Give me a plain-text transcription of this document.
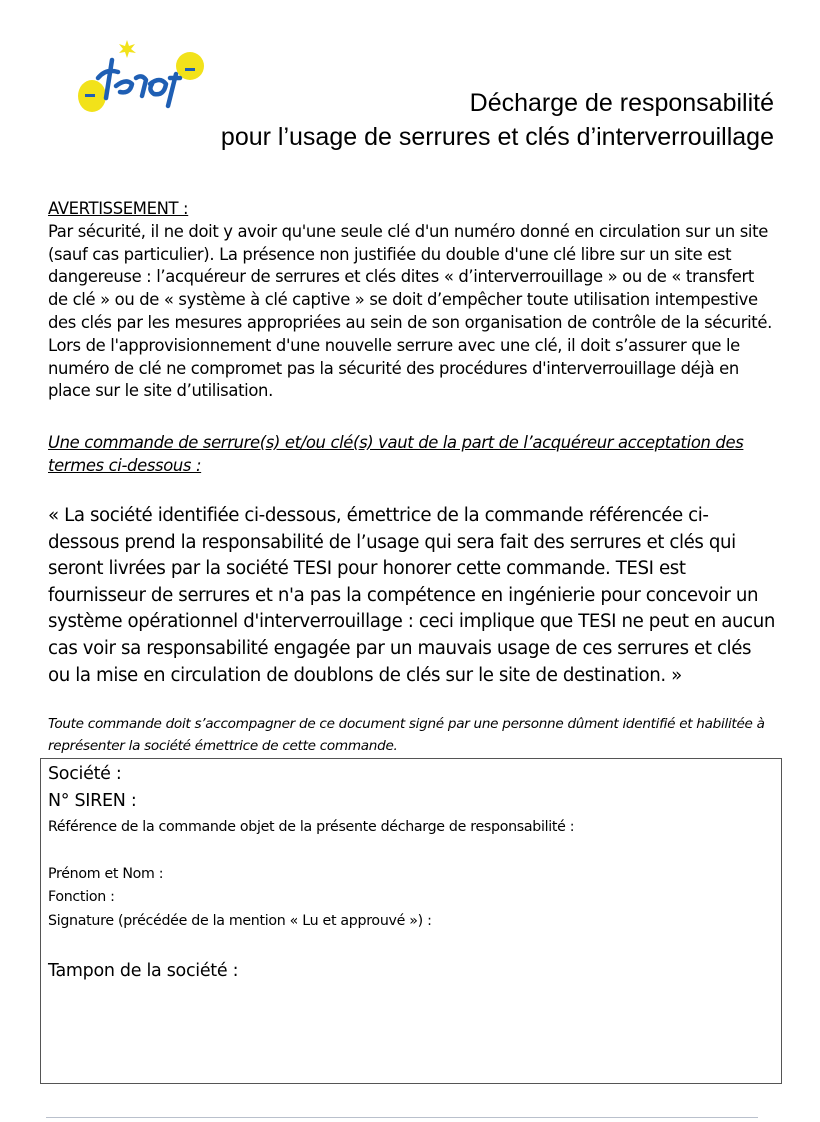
Décharge de responsabilité
pour l’usage de serrures et clés d’interverrouillage
AVERTISSEMENT :
Par sécurité, il ne doit y avoir qu'une seule clé d'un numéro donné en circulation sur un site (sauf cas particulier). La présence non justifiée du double d'une clé libre sur un site est dangereuse : l’acquéreur de serrures et clés dites « d’interverrouillage » ou de « transfert de clé » ou de « système à clé captive » se doit d’empêcher toute utilisation intempestive des clés par les mesures appropriées au sein de son organisation de contrôle de la sécurité. Lors de l'approvisionnement d'une nouvelle serrure avec une clé, il doit s’assurer que le numéro de clé ne compromet pas la sécurité des procédures d'interverrouillage déjà en place sur le site d’utilisation.
Une commande de serrure(s) et/ou clé(s) vaut de la part de l’acquéreur acceptation des termes ci-dessous :
« La société identifiée ci-dessous, émettrice de la commande référencée ci-dessous prend la responsabilité de l’usage qui sera fait des serrures et clés qui seront livrées par la société TESI pour honorer cette commande. TESI est fournisseur de serrures et n'a pas la compétence en ingénierie pour concevoir un système opérationnel d'interverrouillage : ceci implique que TESI ne peut en aucun cas voir sa responsabilité engagée par un mauvais usage de ces serrures et clés ou la mise en circulation de doublons de clés sur le site de destination. »
Toute commande doit s’accompagner de ce document signé par une personne dûment identifié et habilitée à représenter la société émettrice de cette commande.
Société :
N° SIREN :
Référence de la commande objet de la présente décharge de responsabilité :
Prénom et Nom :
Fonction :
Signature (précédée de la mention « Lu et approuvé ») :
Tampon de la société :
